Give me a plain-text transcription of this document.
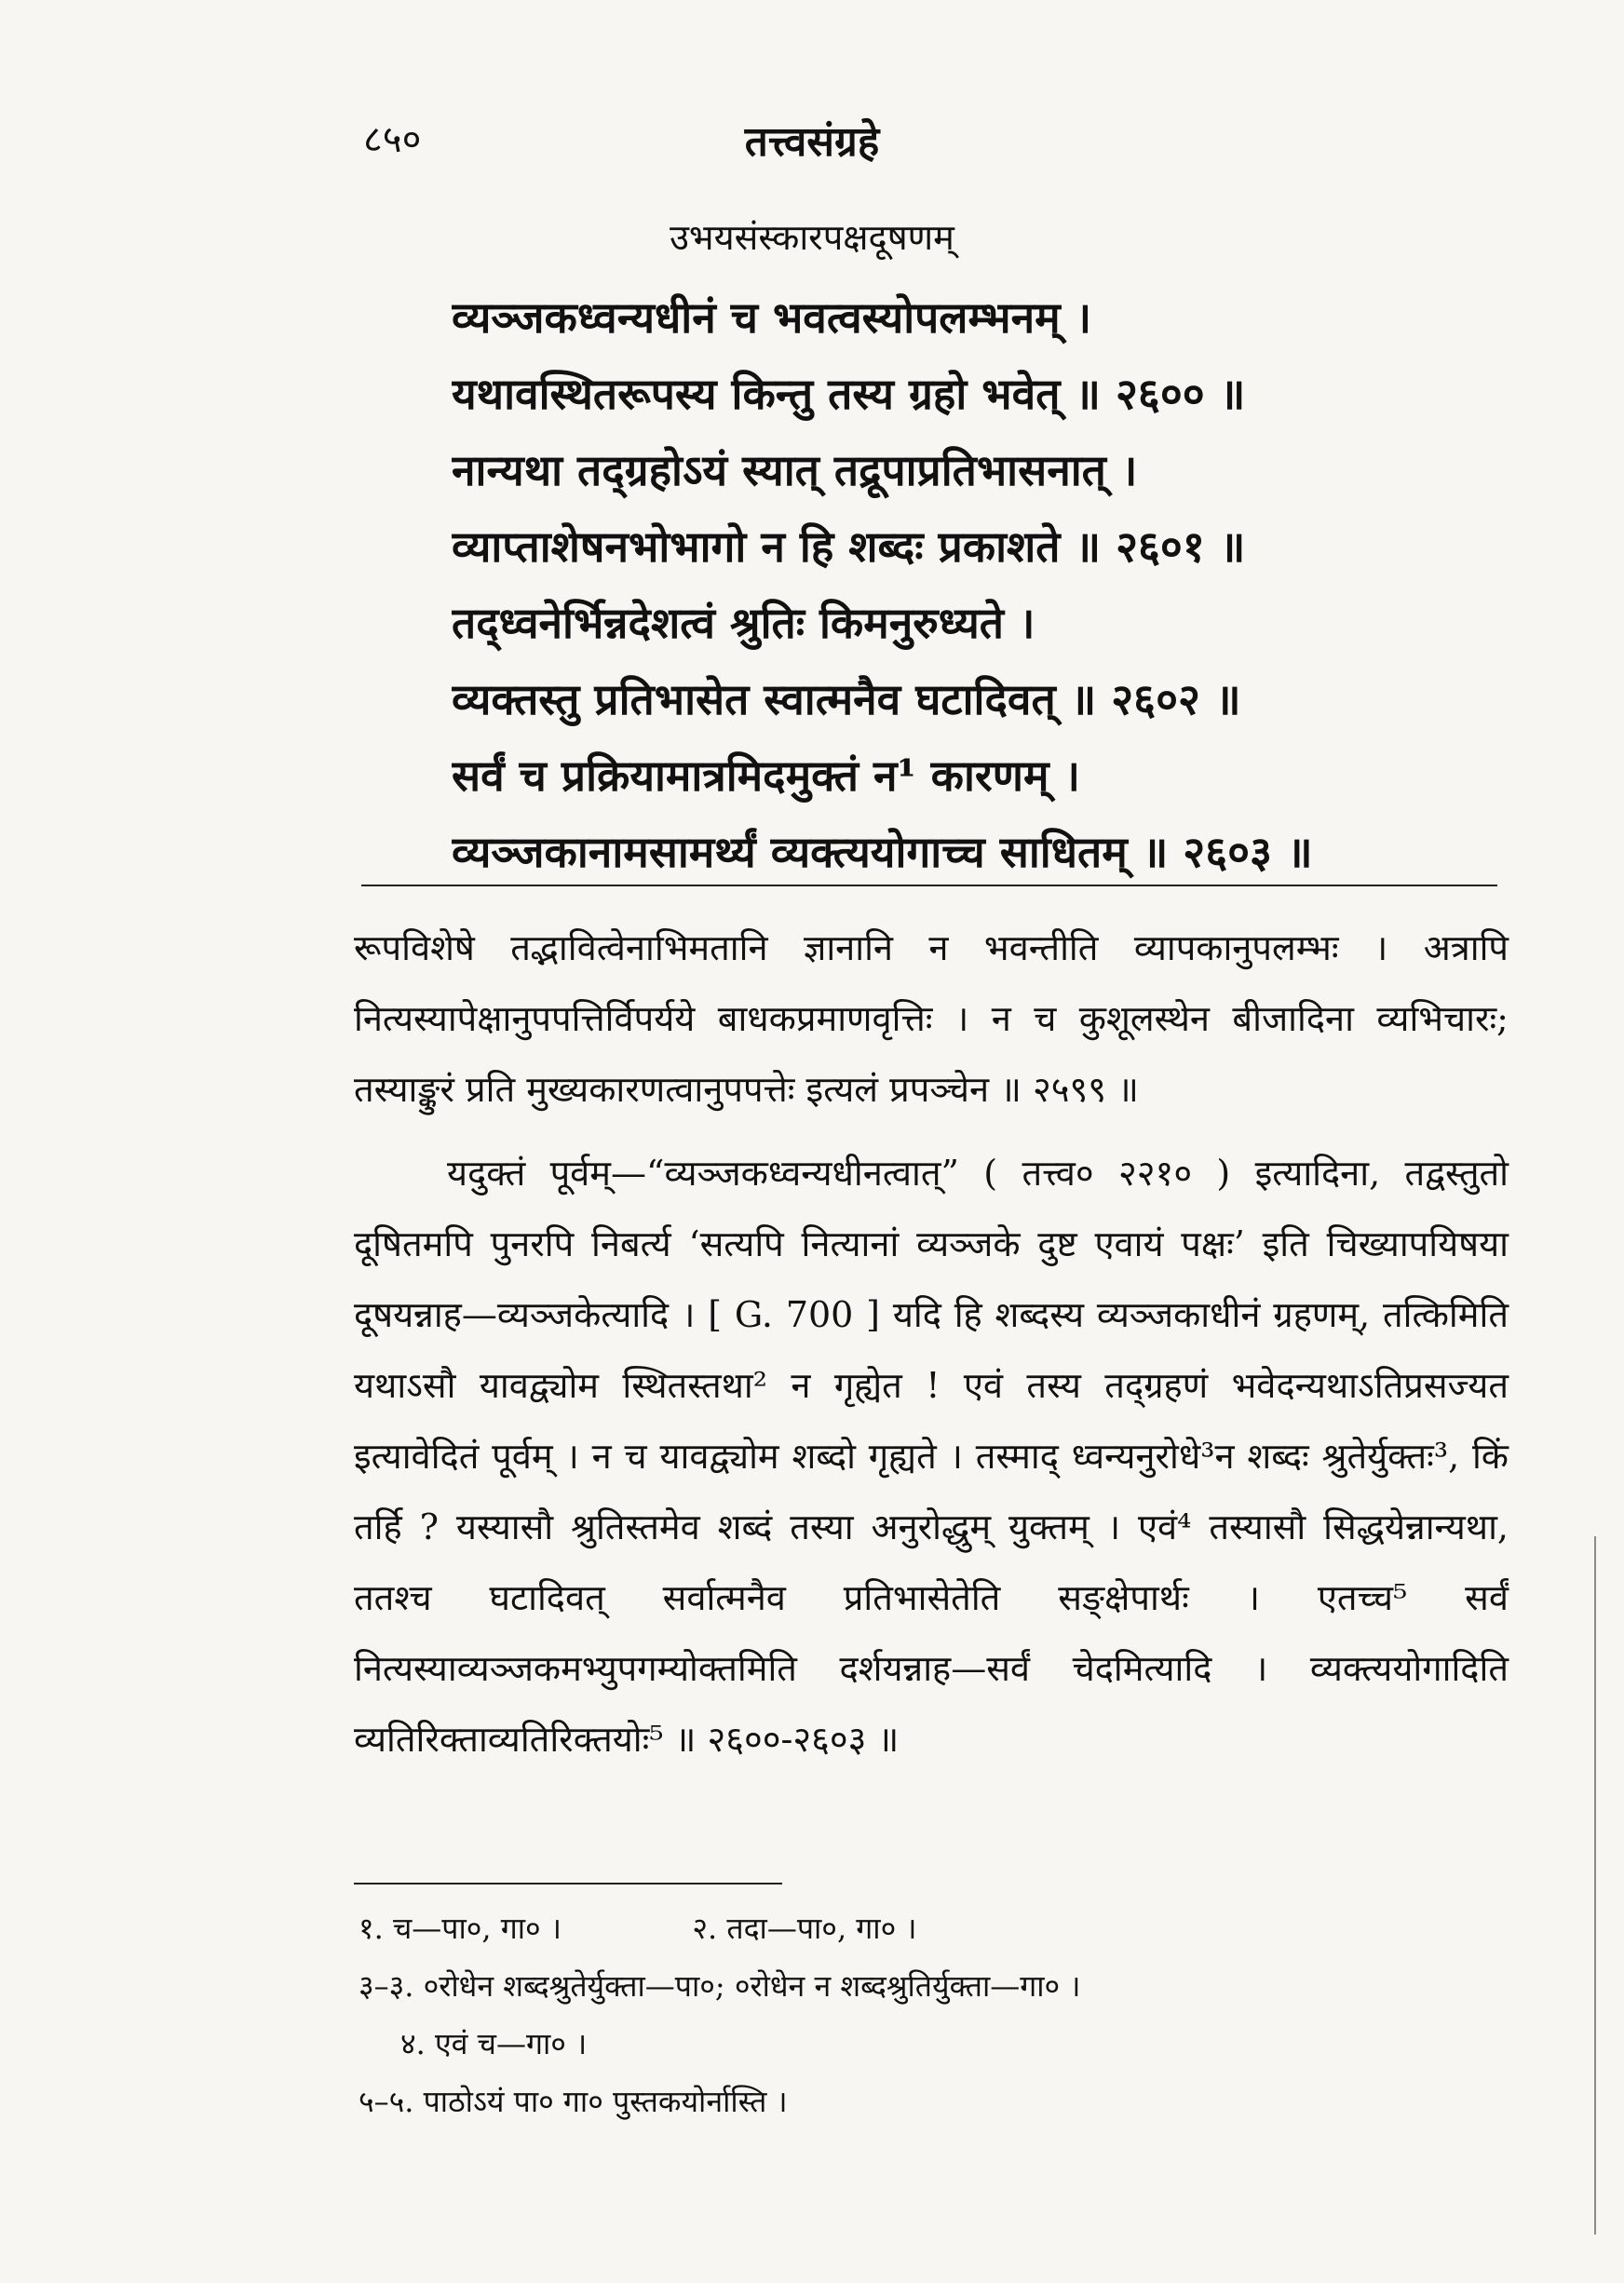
८५०	तत्त्वसंग्रहे
उभयसंस्कारपक्षदूषणम्
व्यञ्जकध्वन्यधीनं च भवत्वस्योपलम्भनम् ।
यथावस्थितरूपस्य किन्तु तस्य ग्रहो भवेत् ॥ २६०० ॥
नान्यथा तद्ग्रहोऽयं स्यात् तद्रूपाप्रतिभासनात् ।
व्याप्ताशेषनभोभागो न हि शब्दः प्रकाशते ॥ २६०१ ॥
तद्ध्वनेर्भिन्नदेशत्वं श्रुतिः किमनुरुध्यते ।
व्यक्तस्तु प्रतिभासेत स्वात्मनैव घटादिवत् ॥ २६०२ ॥
सर्वं च प्रक्रियामात्रमिदमुक्तं न¹ कारणम् ।
व्यञ्जकानामसामर्थ्यं व्यक्त्ययोगाच्च साधितम् ॥ २६०३ ॥

रूपविशेषे तद्भावित्वेनाभिमतानि ज्ञानानि न भवन्तीति व्यापकानुपलम्भः । अत्रापि नित्यस्यापेक्षानुपपत्तिर्विपर्यये बाधकप्रमाणवृत्तिः । न च कुशूलस्थेन बीजादिना व्यभिचारः; तस्याङ्कुरं प्रति मुख्यकारणत्वानुपपत्तेः इत्यलं प्रपञ्चेन ॥ २५९९ ॥

यदुक्तं पूर्वम्—“व्यञ्जकध्वन्यधीनत्वात्” ( तत्त्व० २२१० ) इत्यादिना, तद्वस्तुतो दूषितमपि पुनरपि निबर्त्य ‘सत्यपि नित्यानां व्यञ्जके दुष्ट एवायं पक्षः’ इति चिख्यापयिषया दूषयन्नाह—व्यञ्जकेत्यादि । [ G. 700 ] यदि हि शब्दस्य व्यञ्जकाधीनं ग्रहणम्, तत्किमिति यथाऽसौ यावद्व्योम स्थितस्तथा² न गृह्येत ! एवं तस्य तद्ग्रहणं भवेदन्यथाऽतिप्रसज्यत इत्यावेदितं पूर्वम् । न च यावद्व्योम शब्दो गृह्यते । तस्माद् ध्वन्यनुरोधे³न शब्दः श्रुतेर्युक्तः³, किं तर्हि ? यस्यासौ श्रुतिस्तमेव शब्दं तस्या अनुरोद्धुम् युक्तम् । एवं⁴ तस्यासौ सिद्धयेन्नान्यथा, ततश्च घटादिवत् सर्वात्मनैव प्रतिभासेतेति सङ्क्षेपार्थः । एतच्च⁵ सर्वं नित्यस्याव्यञ्जकमभ्युपगम्योक्तमिति दर्शयन्नाह—सर्वं चेदमित्यादि । व्यक्त्ययोगादिति व्यतिरिक्ताव्यतिरिक्तयोः⁵ ॥ २६००-२६०३ ॥

१. च—पा०, गा० ।	२. तदा—पा०, गा० ।
३–३. ०रोधेन शब्दश्रुतेर्युक्ता—पा०; ०रोधेन न शब्दश्रुतिर्युक्ता—गा० ।
४. एवं च—गा० ।
५–५. पाठोऽयं पा० गा० पुस्तकयोर्नास्ति ।
